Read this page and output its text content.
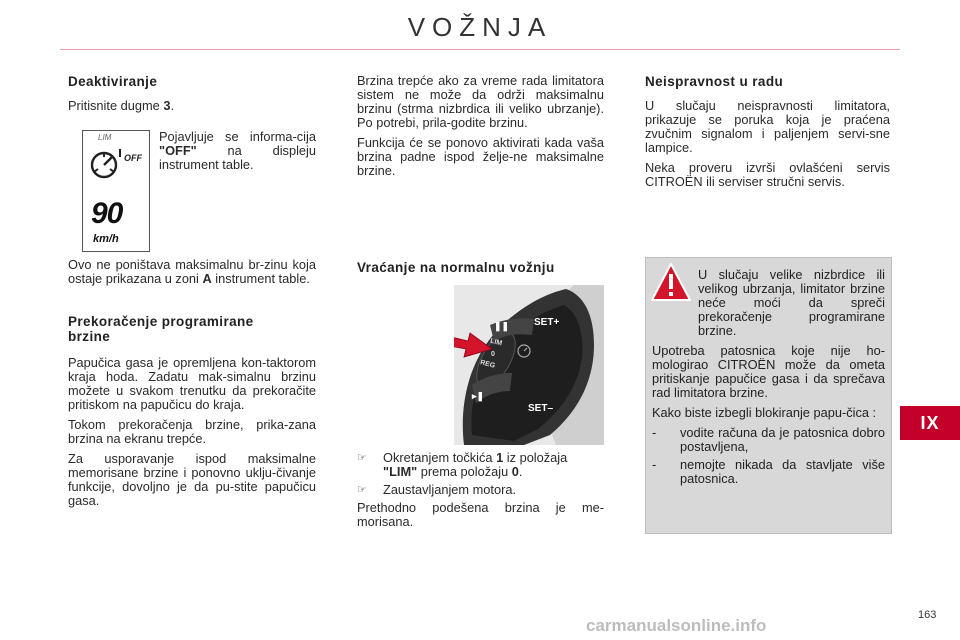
VOŽNJA
Deaktiviranje

Pritisnite dugme 3.

LIM
OFF
90
km/h

Pojavljuje se informa-cija "OFF" na displeju instrument table.

Ovo ne poništava maksimalnu br-zinu koja ostaje prikazana u zoni A instrument table.

Prekoračenje programirane
brzine

Papučica gasa je opremljena kon-taktorom kraja hoda. Zadatu mak-simalnu brzinu možete u svakom trenutku da prekoračite pritiskom na papučicu do kraja.

Tokom prekoračenja brzine, prika-zana brzina na ekranu trepće.

Za usporavanje ispod maksimalne memorisane brzine i ponovno uklju-čivanje funkcije, dovoljno je da pu-stite papučicu gasa.

Brzina trepće ako za vreme rada limitatora sistem ne može da održi maksimalnu brzinu (strma nizbrdica ili veliko ubrzanje). Po potrebi, prila-godite brzinu.

Funkcija će se ponovo aktivirati kada vaša brzina padne ispod želje-ne maksimalne brzine.

Vraćanje na normalnu vožnju
SET+
SET–
LIM
0
REG
❚❚
▸❚
☞	Okretanjem točkića 1 iz položaja "LIM" prema položaju 0.
☞	Zaustavljanjem motora.

Prethodno podešena brzina je me-morisana.

Neispravnost u radu

U slučaju neispravnosti limitatora, prikazuje se poruka koja je praćena zvučnim signalom i paljenjem servi-sne lampice.

Neka proveru izvrši ovlašćeni servis CITROËN ili serviser stručni servis.

U slučaju velike nizbrdice ili velikog ubrzanja, limitator brzine neće moći da spreči prekoračenje programirane brzine.

Upotreba patosnica koje nije ho-mologirao CITROËN može da ometa pritiskanje papučice gasa i da sprečava rad limitatora brzine.

Kako biste izbegli blokiranje papu-čica :

-	vodite računa da je patosnica dobro postavljena,
-	nemojte nikada da stavljate više patosnica.
IX
163
carmanualsonline.info
